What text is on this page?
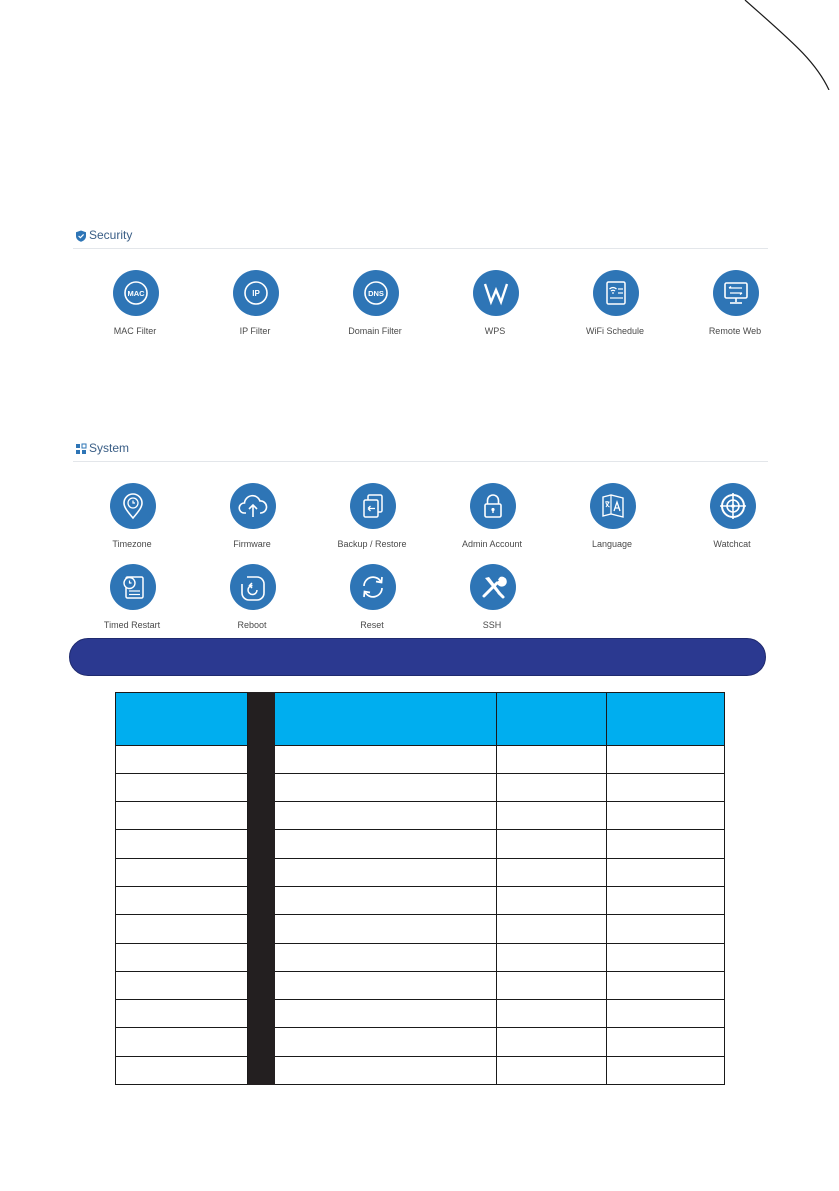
Security
MAC
MAC Filter
IP
IP Filter
DNS
Domain Filter	WPS	WiFi Schedule	Remote Web
System
Timezone	Firmware	Backup / Restore	Admin Account	Language	Watchcat
Timed Restart	Reboot	Reset	SSH
